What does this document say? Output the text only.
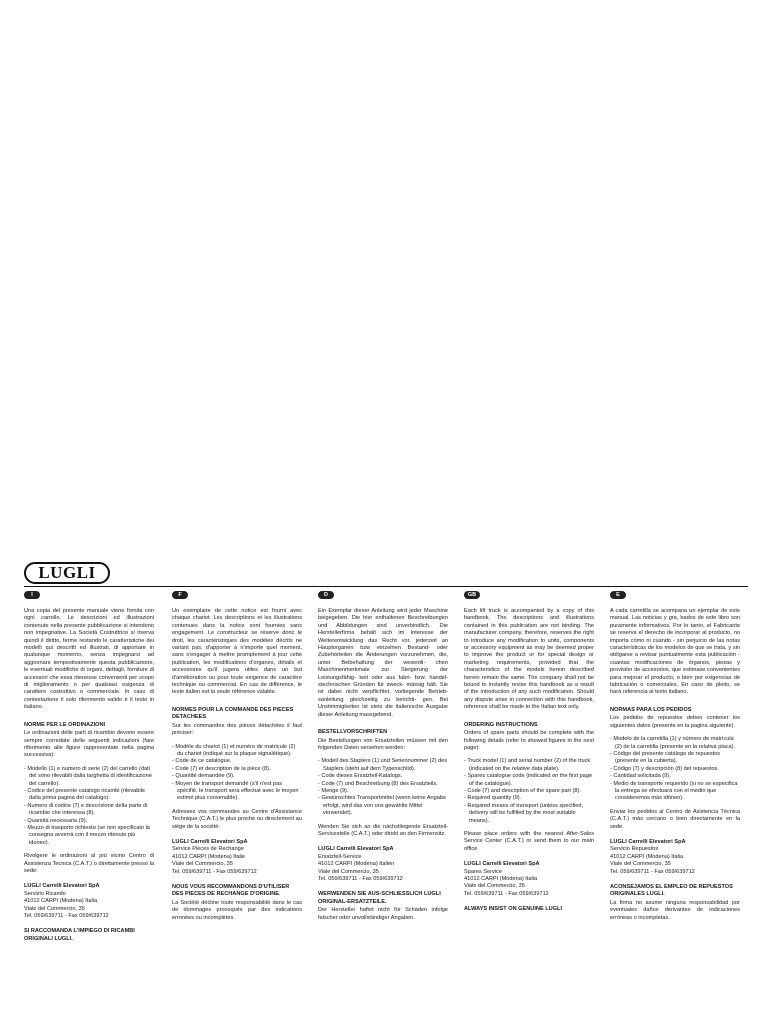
LUGLI
I

Una copia del presente manuale viene fornita con ogni carrello. Le descrizioni ed illustrazioni contenute nella presente pubblicazione si intendono non impegnative. La Società Costruttrice si riserva quindi il diritto, ferme restando le caratteristiche dei modelli qui descritti ed illustrati, di apportare in qualunque momento, senza impegnarsi ad aggiornare tempestivamente questa pubblicazione, le eventuali modifiche di organi, dettagli, forniture di accessori che essa ritenesse convenienti per scopo di miglioramento o per qualsiasi esigenza di carattere costruttivo o commerciale. In caso di contestazione il solo riferimento valido è il testo in italiano.

NORME PER LE ORDINAZIONI

Le ordinazioni delle parti di ricambio devono essere sempre corredate delle seguenti indicazioni (fare riferimento alle figure rappresentate nella pagina successiva):

- Modello (1) e numero di serie (2) del carrello (dati del sono rilevabili dalla targhetta di identificazione del carrello).
- Codice del presente catalogo ricambi (rilevabile dalla prima pagina del catalogo).
- Numero di codice (7) e descrizione della parte di ricambio che interessa (8).
- Quantità necessaria (9).
- Mezzo di trasporto richiesto (se non specificato la consegna avverrà con il mezzo ritenuto più idoneo).

Rivolgere le ordinazioni al più vicino Centro di Assistenza Tecnica (C.A.T.) o direttamente presso la sede:

LUGLI Carrelli Elevatori SpA
Servizio Ricambi
41012 CARPI (Modena) Italia
Viale del Commercio, 35
Tel. 059/639711 - Fax 059/639712
SI RACCOMANDA L'IMPIEGO DI RICAMBI ORIGINALI LUGLI.
F

Un exemplaire de cette notice est fourni avec chaque chariot. Les descriptions et les illustrations contenues dans la notice sont fournies sans engagement. Le constructeur se réserve donc le droit, les caractéristiques des modèles décrits ne variant pas, d'apporter à n'importe quel moment, sans s'engager à mettre promptement à jour cette publication, les modifications d'organes, détails et accessoires qu'il jugera utiles dans un but d'amélioration ou pour toute exigence de caractère technique ou commercial. En cas de différence, le texte italien est la seule référence valable.

NORMES POUR LA COMMANDE DES PIECES DETACHEES

Sur les commandes des pièces détachées il faut préciser:

- Modèle du chariot (1) et numéro de matricule (2) du chariot (indiqué sur la plaque signalétique).
- Code de ce catalogue.
- Code (7) et description de la pièce (8).
- Quantité demandée (9).
- Moyen de transport demandé (s'il n'est pas spécifié, le transport sera effectué avec le moyen estimé plus convenable).

Adressez vos commandes au Centre d'Assistance Technique (C.A.T.) le plus proche ou directement au siège de la société:

LUGLI Carrelli Elevatori SpA
Service Pièces de Rechange
41012 CARPI (Modena) Italie
Viale del Commercio, 35
Tel. 059/639711 - Fax 059/639712
NOUS VOUS RECOMMANDONS D'UTILISER DES PIECES DE RECHANGE D'ORIGINE.

La Société décline toute responsabilité dans le cas de dommages provoqués par des indications erronées ou incomplètes.

D

Ein Exemplar dieser Anleitung wird jeder Maschine beigegeben. Die hier enthaltenen Beschreibungen und Abbildungen sind unverbindlich. Die Herstellerfirma behält sich im Interesse der Weiterentwicklung das Recht vor, jederzeit an Hauptorganen bzw einzelnen Bestand- oder Zubehörteilen die Änderungen vorzunehmen, die, unter Beibehaltung der wesentli- chen Maschinenmerkmale zur Steigerung der Leistungsfähig- keit oder aus fabri- bzw. handel- stechnischen Gründen für zweck- mässig hält. Sie ist dabei nicht verpflichtet, vorliegende Betrieb- sanleitung gleichzeitig zu berichti- gen. Bei Unstimmigkeiten ist stets die italienische Ausgabe dieser Anleitung massgebend.

BESTELLVORSCHRIFTEN

Die Bestellungen von Ersatzteilen müssen mit den folgenden Daten versehen werden:

- Modell des Staplers (1) und Seriennummer (2) des Staplers (steht auf dem Typenschild).
- Code dieses Ersatzteil-Katalogs.
- Code (7) und Beschreibung (8) des Ersatzteils.
- Menge (9).
- Gewünschtes Transportmittel (wenn keine Angabe erfolgt, wird das von uns gewählte Mittel verwendet).

Wenden Sie sich an die nächstliegende Ersatzteil-Servicestelle (C.A.T.) oder direkt an den Firmensitz.

LUGLI Carrelli Elevatori SpA
Ersatzteil-Service
41012 CARPI (Modena) Italien
Viale del Commercio, 35
Tel. 059/639711 - Fax 059/639712
WERWENDEN SIE AUS-SCHLIESSLICH LUGLI ORIGINAL-ERSATZTEILE.

Der Hersteller haftet nicht für Schäden infolge falscher oder unvollständiger Angaben.

GB

Each lift truck is accompanied by a copy of this handbook. The descriptions and illustrations contained in this publication are not binding. The manufacturer company, therefore, reserves the right to introduce any modification to units, components or accessory equipment as may be deemed proper to improve the product or for special design or marketing requirements, provided that the characteristics of the models herein described herein remain the same. The company shall not be bound to instantly revise this handbook as a result of the introduction of any such modification. Should any dispute arise in connection with this handbook, reference shall be made to the Italian text only.

ORDERING INSTRUCTIONS

Orders of spare parts should be complete with the following details (refer to showed figures in the next page):

- Truck model (1) and serial number (2) of the truck (indicated on the relative data plate).
- Spares catalogue code (indicated on the first page of the catalogue).
- Code (7) and description of the spare part (8).
- Required quantity (9).
- Required means of transport (unless specified, delivery will be fulfilled by the most suitable means).

Please place orders with the nearest After-Sales Service Center (C.A.T.) or send them to our main office.

LUGLI Carrelli Elevatori SpA
Spares Service
41012 CARPI (Modena) Italia
Viale del Commercio, 35
Tel. 059/639711 - Fax 059/639712
ALWAYS INSIST ON GENUINE LUGLI
E

A cada carretilla se acompana un ejemplar de este manual. Las noticias y gra, bados de este libro son puramente informativos. Por lo tanto, el Fabricante se reserva el derecho de incorporar al producto, no importa cómo ni cuando - sin perjuicio de las notas características de los modelos de que se trata, y sin obligarse a revisar puntualmente esta publicación - cuantas modificaciones de órganos, piezas y provisión de accesorios, que estimase convenientes para mejorar el producto, o bien por exigencias de fabricación o comerciales. En caso de pleito, se hará referencia al texto italiano.

NORMAS PARA LOS PEDIDOS

Los pedidos de repuestos deben contener los siguientes datos (presente en la pagina siguiente).

- Modelo de la carretilla (1) y número de matrícula (2) de la carretilla (presente en la relativa placa).
- Código del presente catálogo de repuestos (presente en la cubierta).
- Código (7) y descripción (8) del repuestos.
- Cantidad solicitada (9).
- Medio de transporte requerido (si no se especifica la entrega se efectuará con el medio que consideremos más idóneo).

Enviar los pedidos al Centro de Asistencia Técnica (C.A.T.) más cercano o bien directamente en la sede.

LUGLI Carrelli Elevatori SpA
Servicio Repuestos
41012 CARPI (Modena) Italia
Viale del Commercio, 35
Tel. 059/639711 - Fax 059/639712
ACONSEJAMOS EL EMPLEO DE REPUESTOS ORIGINALES LUGLI.

La firma no asume ninguna responsabilidad por eventuales daños derivantes de indicaciones erróneas o incompletas.
